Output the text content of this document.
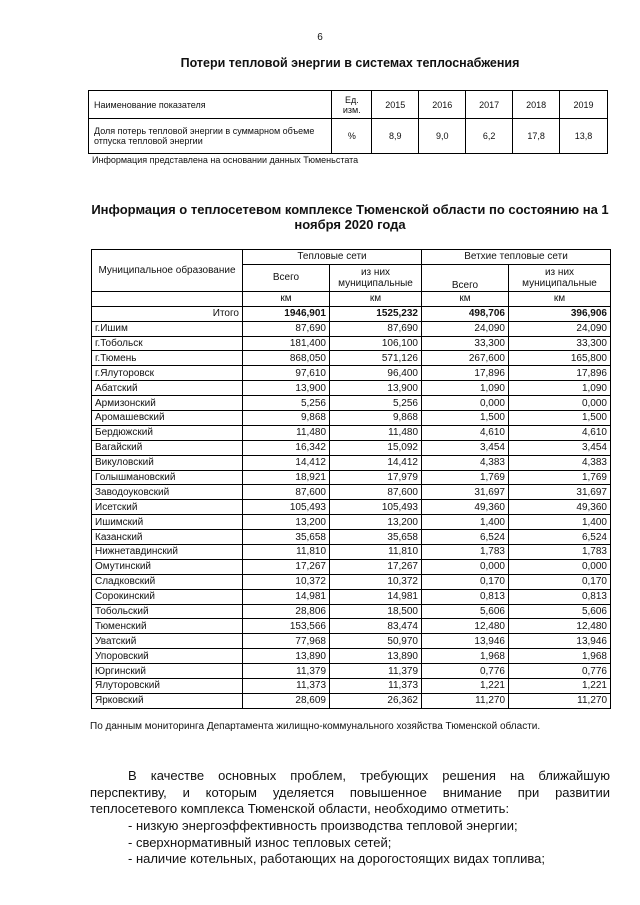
6
Потери тепловой энергии в системах теплоснабжения
Наименование показателя	Ед. изм.	2015	2016	2017	2018	2019
Доля потерь тепловой энергии в суммарном объеме отпуска тепловой энергии	%	8,9	9,0	6,2	17,8	13,8
Информация представлена на основании данных Тюменьстата
Информация о теплосетевом комплексе Тюменской области по состоянию на 1 ноября 2020 года
Муниципальное образование	Тепловые сети		Ветхие тепловые сети	
	Всего	из них муниципальные	Всего	из них муниципальные
	км	км	км	км
Итого	1946,901	1525,232	498,706	396,906
г.Ишим	87,690	87,690	24,090	24,090
г.Тобольск	181,400	106,100	33,300	33,300
г.Тюмень	868,050	571,126	267,600	165,800
г.Ялуторовск	97,610	96,400	17,896	17,896
Абатский	13,900	13,900	1,090	1,090
Армизонский	5,256	5,256	0,000	0,000
Аромашевский	9,868	9,868	1,500	1,500
Бердюжский	11,480	11,480	4,610	4,610
Вагайский	16,342	15,092	3,454	3,454
Викуловский	14,412	14,412	4,383	4,383
Голышмановский	18,921	17,979	1,769	1,769
Заводоуковский	87,600	87,600	31,697	31,697
Исетский	105,493	105,493	49,360	49,360
Ишимский	13,200	13,200	1,400	1,400
Казанский	35,658	35,658	6,524	6,524
Нижнетавдинский	11,810	11,810	1,783	1,783
Омутинский	17,267	17,267	0,000	0,000
Сладковский	10,372	10,372	0,170	0,170
Сорокинский	14,981	14,981	0,813	0,813
Тобольский	28,806	18,500	5,606	5,606
Тюменский	153,566	83,474	12,480	12,480
Уватский	77,968	50,970	13,946	13,946
Упоровский	13,890	13,890	1,968	1,968
Юргинский	11,379	11,379	0,776	0,776
Ялуторовский	11,373	11,373	1,221	1,221
Ярковский	28,609	26,362	11,270	11,270
По данным мониторинга Департамента жилищно-коммунального хозяйства Тюменской области.
В качестве основных проблем, требующих решения на ближайшую перспективу, и которым уделяется повышенное внимание при развитии теплосетевого комплекса Тюменской области, необходимо отметить:
- низкую энергоэффективность производства тепловой энергии;
- сверхнормативный износ тепловых сетей;
- наличие котельных, работающих на дорогостоящих видах топлива;
